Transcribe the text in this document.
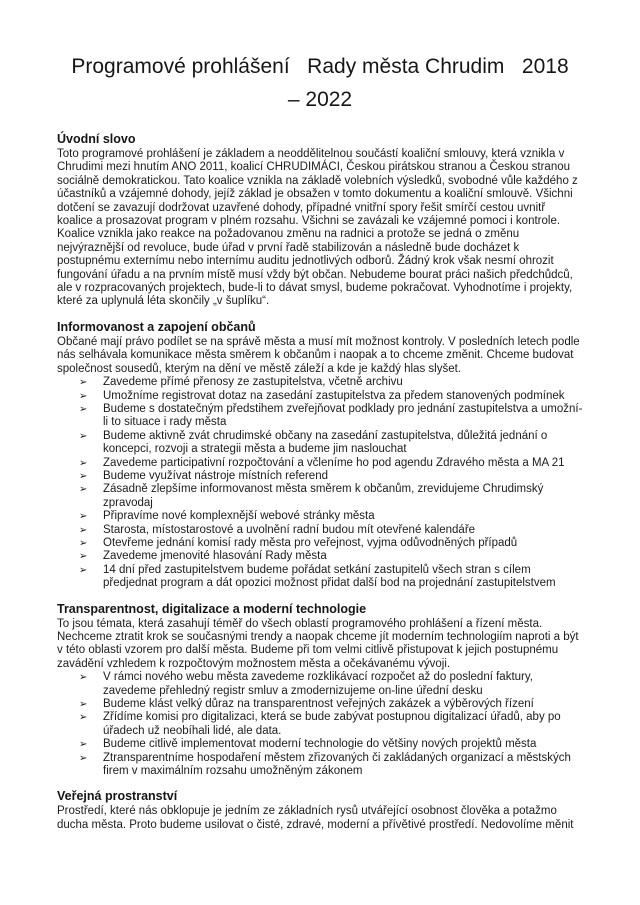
Programové prohlášení   Rady města Chrudim   2018
– 2022
Úvodní slovo

Toto programové prohlášení je základem a neoddělitelnou součástí koaliční smlouvy, která vznikla v Chrudimi mezi hnutím ANO 2011, koalicí CHRUDIMÁCI, Českou pirátskou stranou a Českou stranou sociálně demokratickou. Tato koalice vznikla na základě volebních výsledků, svobodné vůle každého z účastníků a vzájemné dohody, jejíž základ je obsažen v tomto dokumentu a koaliční smlouvě. Všichni dotčení se zavazují dodržovat uzavřené dohody, případné vnitřní spory řešit smírčí cestou uvnitř koalice a prosazovat program v plném rozsahu. Všichni se zavázali ke vzájemné pomoci i kontrole. Koalice vznikla jako reakce na požadovanou změnu na radnici a protože se jedná o změnu nejvýraznější od revoluce, bude úřad v první řadě stabilizován a následně bude docházet k postupnému externímu nebo internímu auditu jednotlivých odborů. Žádný krok však nesmí ohrozit fungování úřadu a na prvním místě musí vždy být občan. Nebudeme bourat práci našich předchůdců, ale v rozpracovaných projektech, bude-li to dávat smysl, budeme pokračovat. Vyhodnotíme i projekty, které za uplynulá léta skončily „v šuplíku“.

Informovanost a zapojení občanů

Občané mají právo podílet se na správě města a musí mít možnost kontroly. V posledních letech podle nás selhávala komunikace města směrem k občanům i naopak a to chceme změnit. Chceme budovat společnost sousedů, kterým na dění ve městě záleží a kde je každý hlas slyšet.

➢	Zavedeme přímé přenosy ze zastupitelstva, včetně archivu
➢	Umožníme registrovat dotaz na zasedání zastupitelstva za předem stanovených podmínek
➢	Budeme s dostatečným předstihem zveřejňovat podklady pro jednání zastupitelstva a umožní-li to situace i rady města
➢	Budeme aktivně zvát chrudimské občany na zasedání zastupitelstva, důležitá jednání o koncepci, rozvoji a strategii města a budeme jim naslouchat
➢	Zavedeme participativní rozpočtování a včleníme ho pod agendu Zdravého města a MA 21
➢	Budeme využívat nástroje místních referend
➢	Zásadně zlepšíme informovanost města směrem k občanům, zrevidujeme Chrudimský zpravodaj
➢	Připravíme nové komplexnější webové stránky města
➢	Starosta, místostarostové a uvolnění radní budou mít otevřené kalendáře
➢	Otevřeme jednání komisí rady města pro veřejnost, vyjma odůvodněných případů
➢	Zavedeme jmenovité hlasování Rady města
➢	14 dní před zastupitelstvem budeme pořádat setkání zastupitelů všech stran s cílem předjednat program a dát opozici možnost přidat další bod na projednání zastupitelstvem
Transparentnost, digitalizace a moderní technologie

To jsou témata, která zasahují téměř do všech oblastí programového prohlášení a řízení města. Nechceme ztratit krok se současnými trendy a naopak chceme jít moderním technologiím naproti a být v této oblasti vzorem pro další města. Budeme při tom velmi citlivě přistupovat k jejich postupnému zavádění vzhledem k rozpočtovým možnostem města a očekávanému vývoji.

➢	V rámci nového webu města zavedeme rozklikávací rozpočet až do poslední faktury, zavedeme přehledný registr smluv a zmodernizujeme on-line úřední desku
➢	Budeme klást velký důraz na transparentnost veřejných zakázek a výběrových řízení
➢	Zřídíme komisi pro digitalizaci, která se bude zabývat postupnou digitalizací úřadů, aby po úřadech už neobíhali lidé, ale data.
➢	Budeme citlivě implementovat moderní technologie do většiny nových projektů města
➢	Ztransparentníme hospodaření městem zřizovaných či zakládaných organizací a městských firem v maximálním rozsahu umožněným zákonem
Veřejná prostranství

Prostředí, které nás obklopuje je jedním ze základních rysů utvářející osobnost člověka a potažmo ducha města. Proto budeme usilovat o čisté, zdravé, moderní a přívětivé prostředí. Nedovolíme měnit
